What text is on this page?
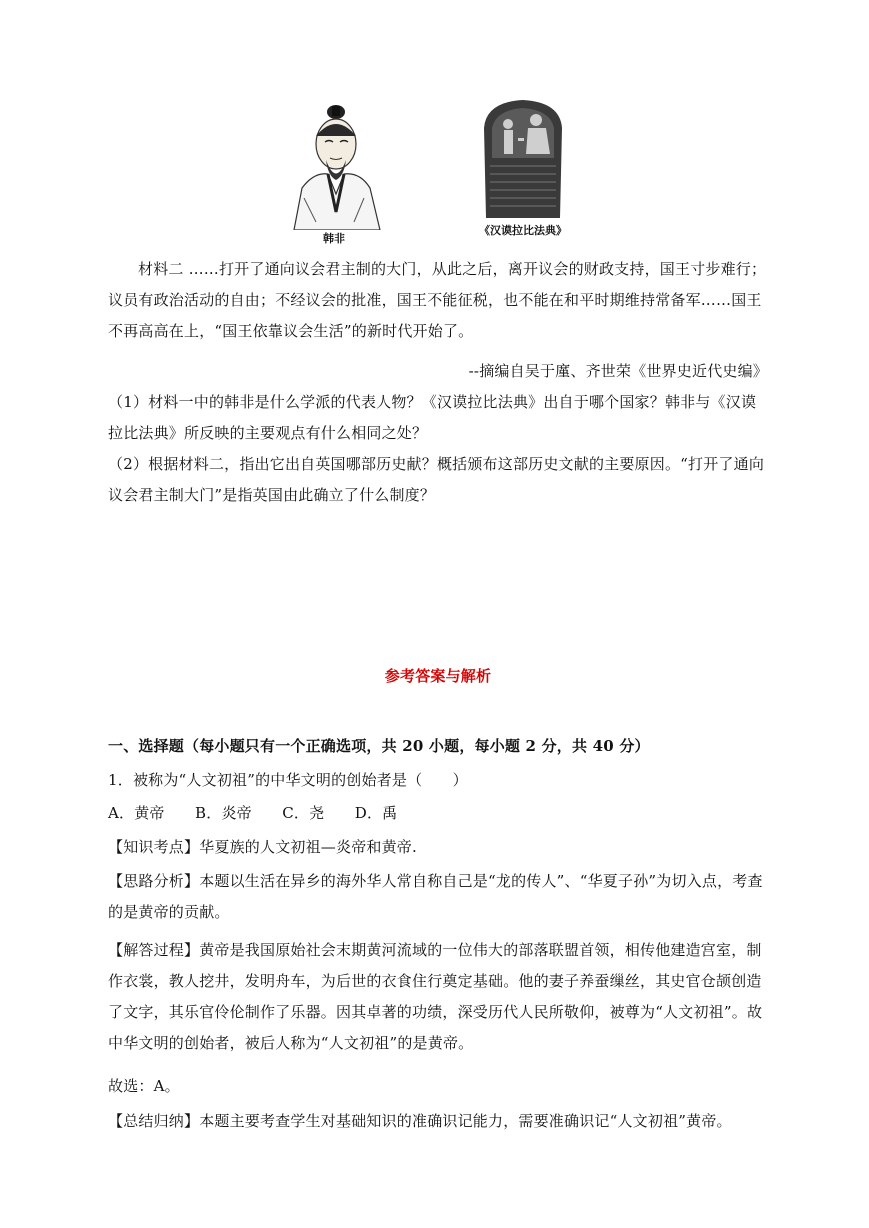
韩非
《汉谟拉比法典》

材料二 ……打开了通向议会君主制的大门，从此之后，离开议会的财政支持，国王寸步难行；议员有政治活动的自由；不经议会的批准，国王不能征税，也不能在和平时期维持常备军……国王不再高高在上，“国王依靠议会生活”的新时代开始了。

--摘编自吴于廑、齐世荣《世界史近代史编》

（1）材料一中的韩非是什么学派的代表人物？《汉谟拉比法典》出自于哪个国家？韩非与《汉谟拉比法典》所反映的主要观点有什么相同之处？

（2）根据材料二，指出它出自英国哪部历史献？概括颁布这部历史文献的主要原因。“打开了通向议会君主制大门”是指英国由此确立了什么制度？

参考答案与解析

一、选择题（每小题只有一个正确选项，共 20 小题，每小题 2 分，共 40 分）

1．被称为“人文初祖”的中华文明的创始者是（　　）

A．黄帝　　B．炎帝　　C．尧　　D．禹

【知识考点】华夏族的人文初祖—炎帝和黄帝.

【思路分析】本题以生活在异乡的海外华人常自称自己是“龙的传人”、“华夏子孙”为切入点，考查的是黄帝的贡献。

【解答过程】黄帝是我国原始社会末期黄河流域的一位伟大的部落联盟首领，相传他建造宫室，制作衣裳，教人挖井，发明舟车，为后世的衣食住行奠定基础。他的妻子养蚕缫丝，其史官仓颉创造了文字，其乐官伶伦制作了乐器。因其卓著的功绩，深受历代人民所敬仰，被尊为“人文初祖”。故中华文明的创始者，被后人称为“人文初祖”的是黄帝。

故选：A。

【总结归纳】本题主要考查学生对基础知识的准确识记能力，需要准确识记“人文初祖”黄帝。
